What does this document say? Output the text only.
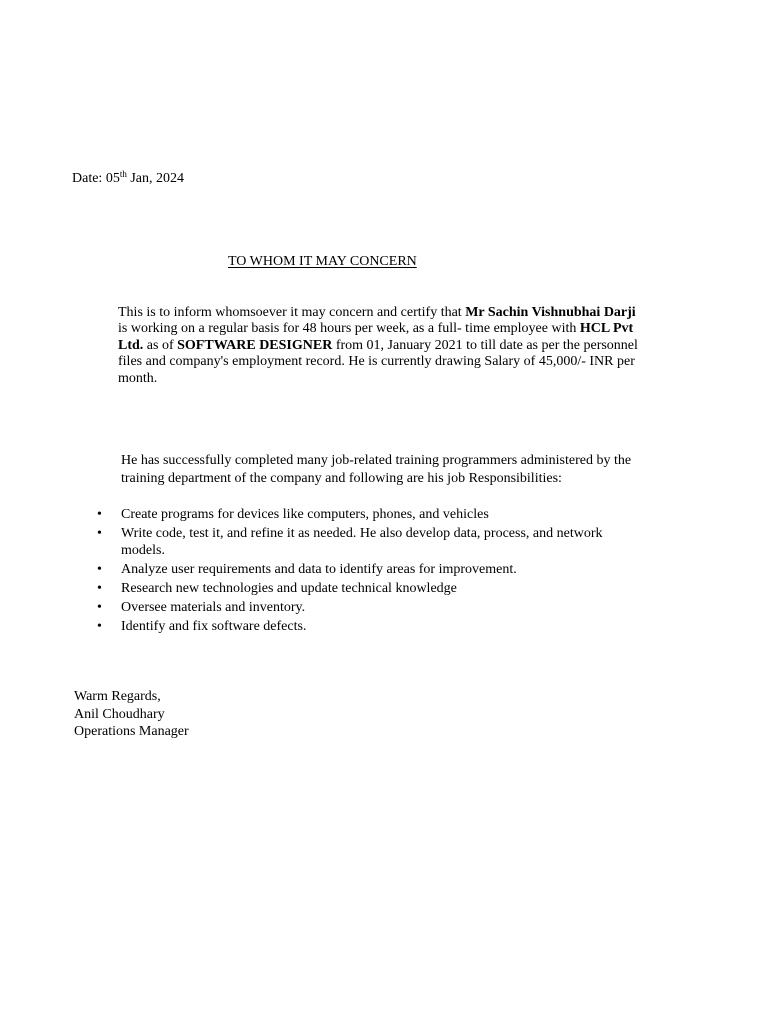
Date: 05th Jan, 2024
TO WHOM IT MAY CONCERN
This is to inform whomsoever it may concern and certify that Mr Sachin Vishnubhai Darji is working on a regular basis for 48 hours per week, as a full- time employee with HCL Pvt Ltd. as of SOFTWARE DESIGNER from 01, January 2021 to till date as per the personnel files and company's employment record. He is currently drawing Salary of 45,000/- INR per month.
He has successfully completed many job-related training programmers administered by the training department of the company and following are his job Responsibilities:
• Create programs for devices like computers, phones, and vehicles
• Write code, test it, and refine it as needed. He also develop data, process, and network models.
• Analyze user requirements and data to identify areas for improvement.
• Research new technologies and update technical knowledge
• Oversee materials and inventory.
• Identify and fix software defects.
Warm Regards,
Anil Choudhary
Operations Manager
